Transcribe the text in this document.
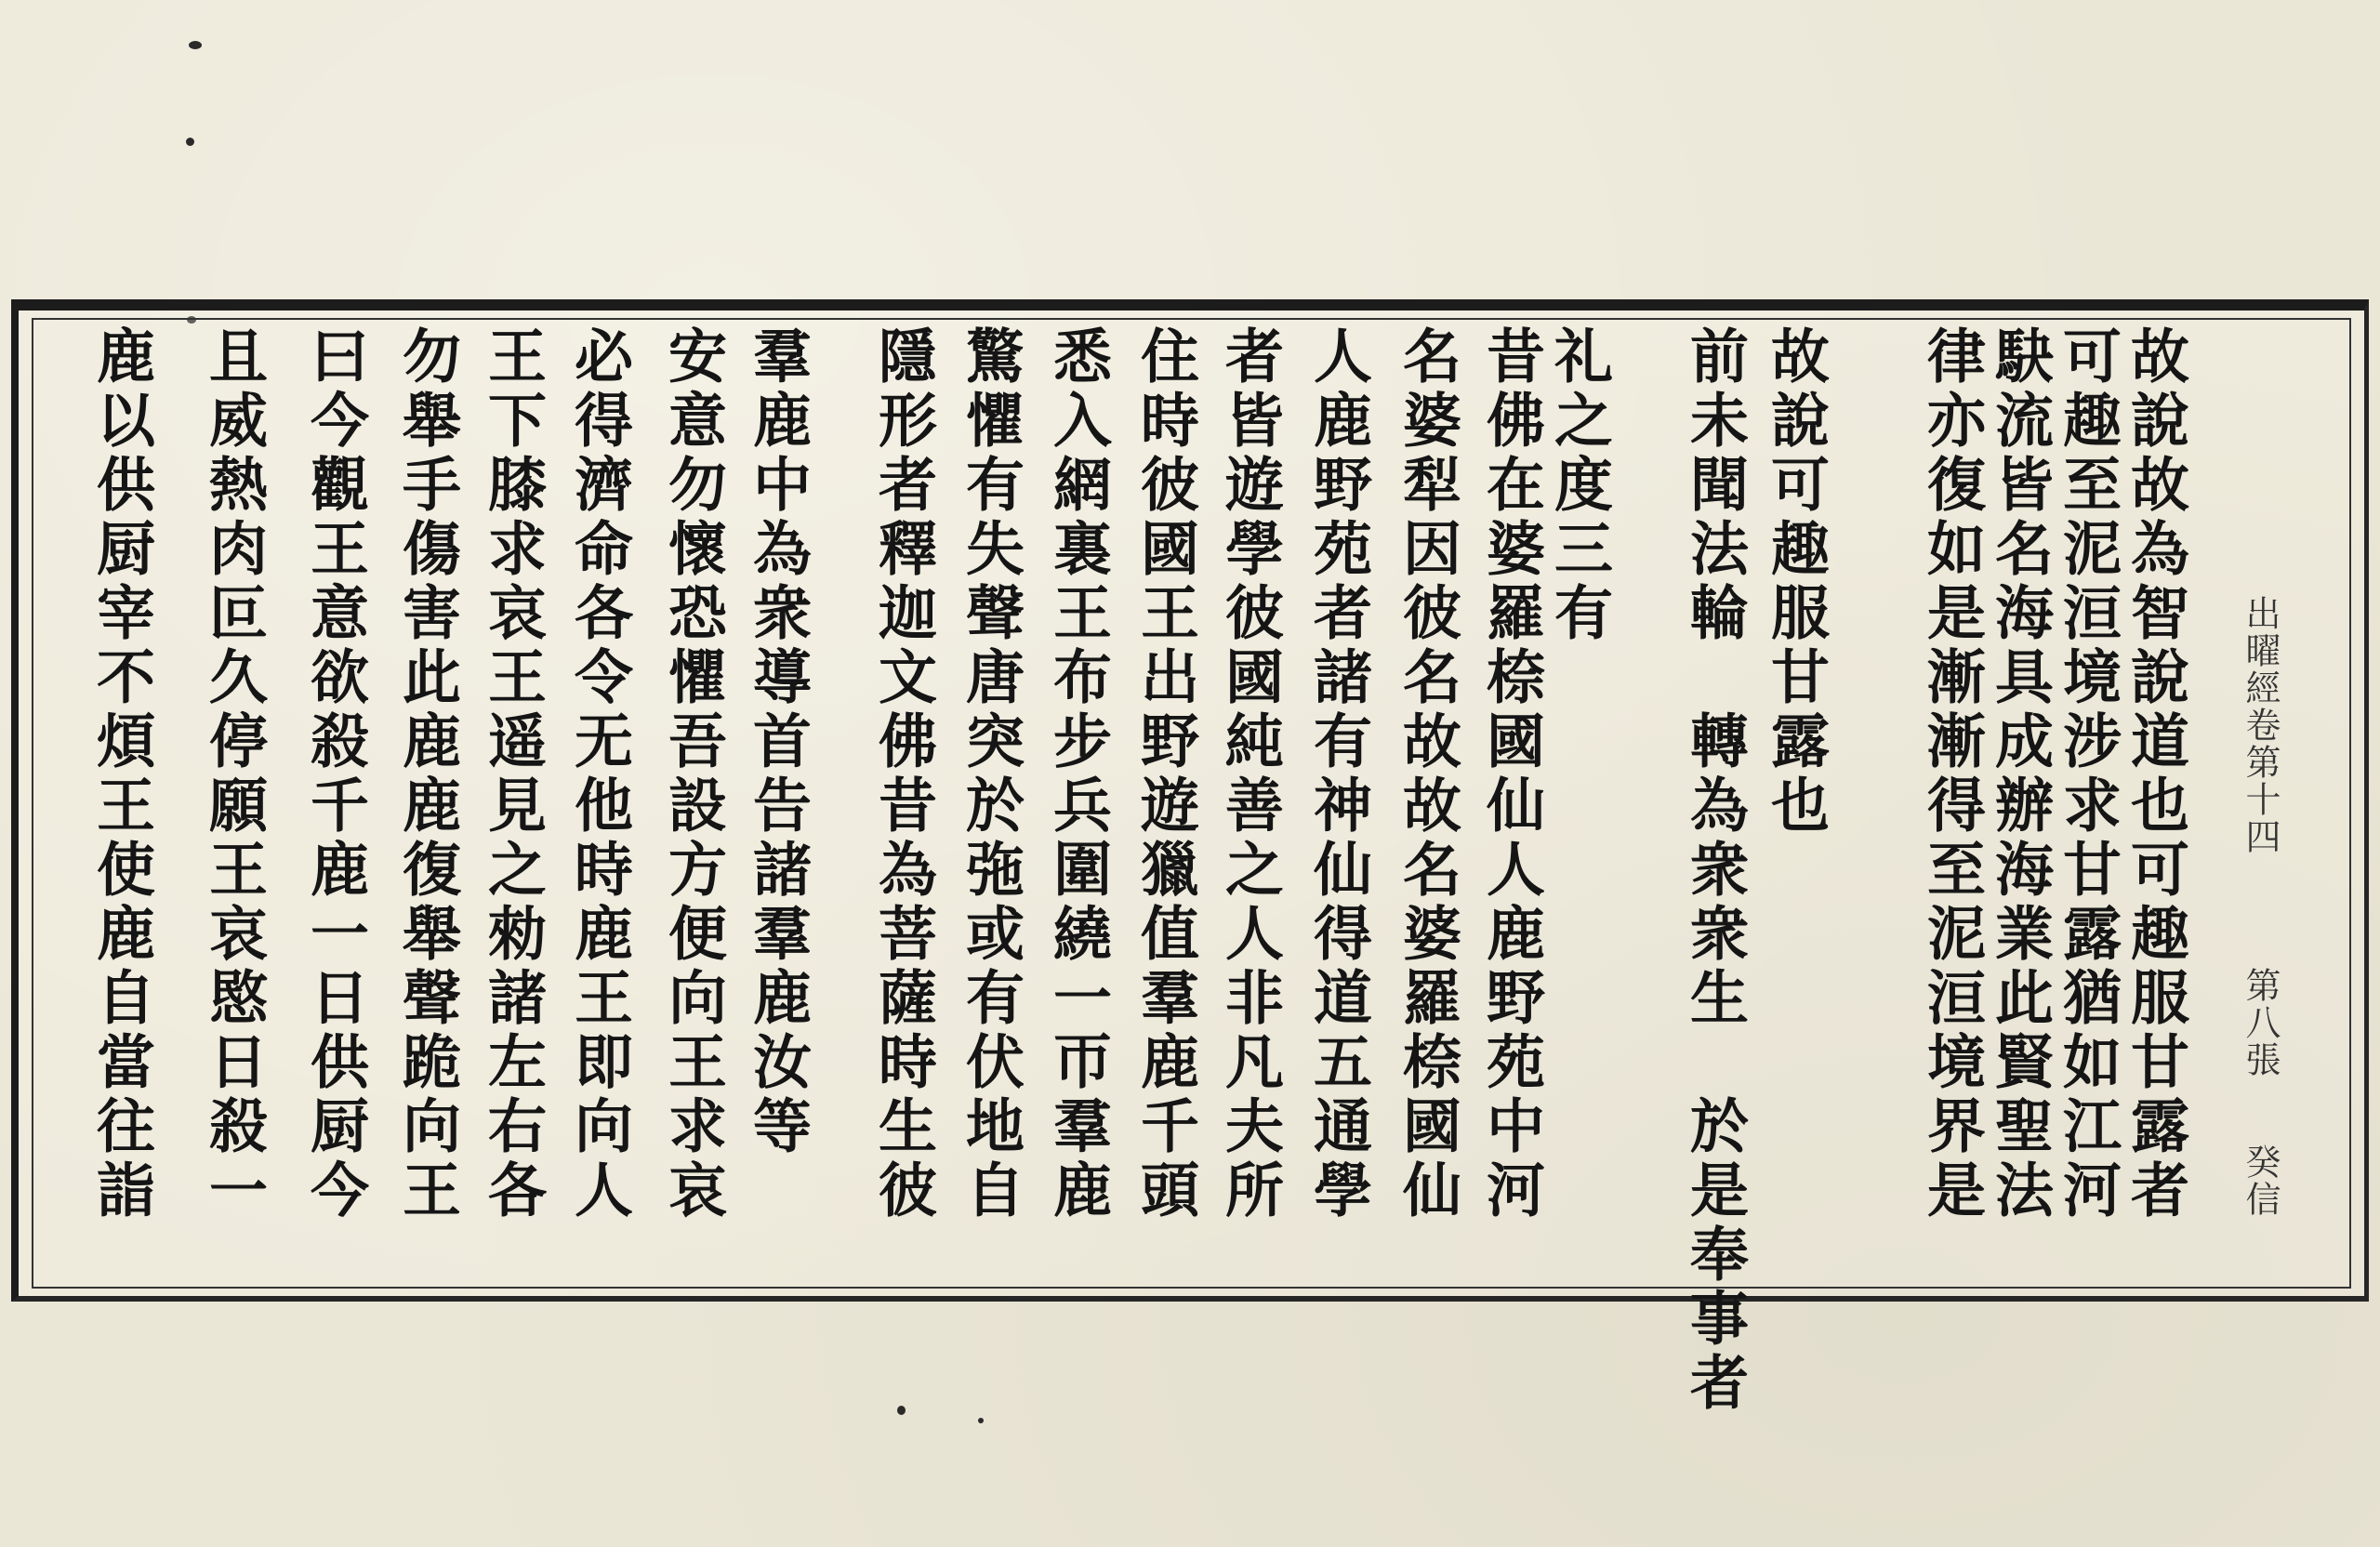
出曜經卷第十四
第八張
癸信
故說故為智說道也可趣服甘露者
可趣至泥洹境涉求甘露猶如江河
駃流皆名海具成辦海業此賢聖法
律亦復如是漸漸得至泥洹境界是
故說可趣服甘露也
前未聞法輪　轉為衆衆生　於是奉事者
礼之度三有
昔佛在婆羅㮈國仙人鹿野苑中河
名婆犁因彼名故故名婆羅㮈國仙
人鹿野苑者諸有神仙得道五通學
者皆遊學彼國純善之人非凡夫所
住時彼國王出野遊獵值羣鹿千頭
悉入網裏王布步兵圍繞一帀羣鹿
驚懼有失聲唐突於㢮或有伏地自
隱形者釋迦文佛昔為菩薩時生彼
羣鹿中為衆導首告諸羣鹿汝等
安意勿懷恐懼吾設方便向王求哀
必得濟命各令无他時鹿王即向人
王下膝求哀王遥見之勑諸左右各
勿舉手傷害此鹿鹿復舉聲跪向王
曰今觀王意欲殺千鹿一日供厨今
且威熱肉叵久停願王哀愍日殺一
鹿以供厨宰不煩王使鹿自當往詣
